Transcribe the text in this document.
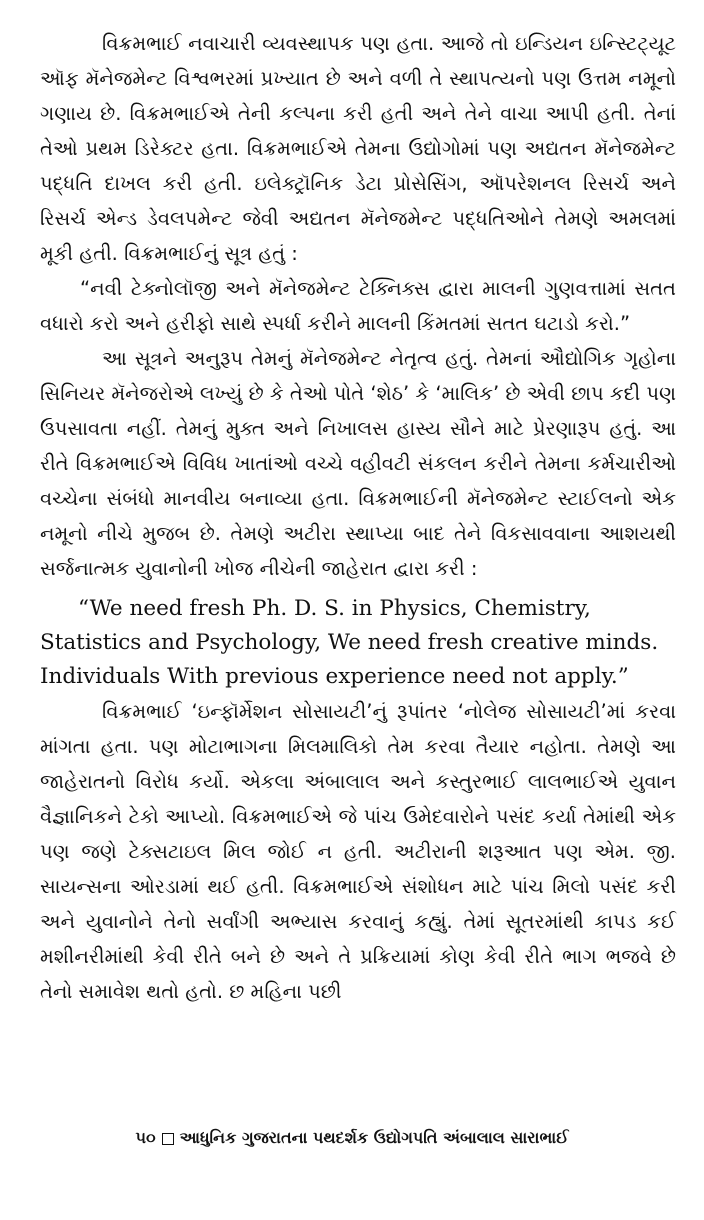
વિક્રમભાઈ નવાચારી વ્યવસ્થાપક પણ હતા. આજે તો ઇન્ડિયન ઇન્સ્ટિટ્યૂટ ઑફ મૅનેજમેન્ટ વિશ્વભરમાં પ્રખ્યાત છે અને વળી તે સ્થાપત્યનો પણ ઉત્તમ નમૂનો ગણાય છે. વિક્રમભાઈએ તેની કલ્પના કરી હતી અને તેને વાચા આપી હતી. તેનાં તેઓ પ્રથમ ડિરેક્ટર હતા. વિક્રમભાઈએ તેમના ઉદ્યોગોમાં પણ અદ્યતન મૅનેજમેન્ટ પદ્ધતિ દાખલ કરી હતી. ઇલેક્ટ્રૉનિક ડેટા પ્રોસેસિંગ, ઑપરેશનલ રિસર્ચ અને રિસર્ચ એન્ડ ડેવલપમેન્ટ જેવી અદ્યતન મૅનેજમેન્ટ પદ્ધતિઓને તેમણે અમલમાં મૂકી હતી. વિક્રમભાઈનું સૂત્ર હતું :

“નવી ટેક્નોલૉજી અને મૅનેજમેન્ટ ટેક્નિક્સ દ્વારા માલની ગુણવત્તામાં સતત વધારો કરો અને હરીફો સાથે સ્પર્ધા કરીને માલની કિંમતમાં સતત ઘટાડો કરો.”

આ સૂત્રને અનુરૂપ તેમનું મૅનેજમેન્ટ નેતૃત્વ હતું. તેમનાં ઔદ્યોગિક ગૃહોના સિનિયર મૅનેજરોએ લખ્યું છે કે તેઓ પોતે ‘શેઠ’ કે ‘માલિક’ છે એવી છાપ કદી પણ ઉપસાવતા નહીં. તેમનું મુક્ત અને નિખાલસ હાસ્ય સૌને માટે પ્રેરણારૂપ હતું. આ રીતે વિક્રમભાઈએ વિવિધ ખાતાંઓ વચ્ચે વહીવટી સંકલન કરીને તેમના કર્મચારીઓ વચ્ચેના સંબંધો માનવીય બનાવ્યા હતા. વિક્રમભાઈની મૅનેજમેન્ટ સ્ટાઈલનો એક નમૂનો નીચે મુજબ છે. તેમણે અટીરા સ્થાપ્યા બાદ તેને વિકસાવવાના આશયથી સર્જનાત્મક યુવાનોની ખોજ નીચેની જાહેરાત દ્વારા કરી :

“We need fresh Ph. D. S. in Physics, Chemistry,
Statistics and Psychology, We need fresh creative minds.
Individuals With previous experience need not apply.”

વિક્રમભાઈ ‘ઇન્ફૉર્મેશન સોસાયટી’નું રૂપાંતર ‘નોલેજ સોસાયટી’માં કરવા માંગતા હતા. પણ મોટાભાગના મિલમાલિકો તેમ કરવા તૈયાર નહોતા. તેમણે આ જાહેરાતનો વિરોધ કર્યો. એકલા અંબાલાલ અને કસ્તુરભાઈ લાલભાઈએ યુવાન વૈજ્ઞાનિકને ટેકો આપ્યો. વિક્રમભાઈએ જે પાંચ ઉમેદવારોને પસંદ કર્યા તેમાંથી એક પણ જણે ટેક્સટાઇલ મિલ જોઈ ન હતી. અટીરાની શરૂઆત પણ એમ. જી. સાયન્સના ઓરડામાં થઈ હતી. વિક્રમભાઈએ સંશોધન માટે પાંચ મિલો પસંદ કરી અને યુવાનોને તેનો સર્વાંગી અભ્યાસ કરવાનું કહ્યું. તેમાં સૂતરમાંથી કાપડ કઈ મશીનરીમાંથી કેવી રીતે બને છે અને તે પ્રક્રિયામાં કોણ કેવી રીતે ભાગ ભજવે છે તેનો સમાવેશ થતો હતો. છ મહિના પછી

૫૦ આધુનિક ગુજરાતના પથદર્શક ઉદ્યોગપતિ અંબાલાલ સારાભાઈ
